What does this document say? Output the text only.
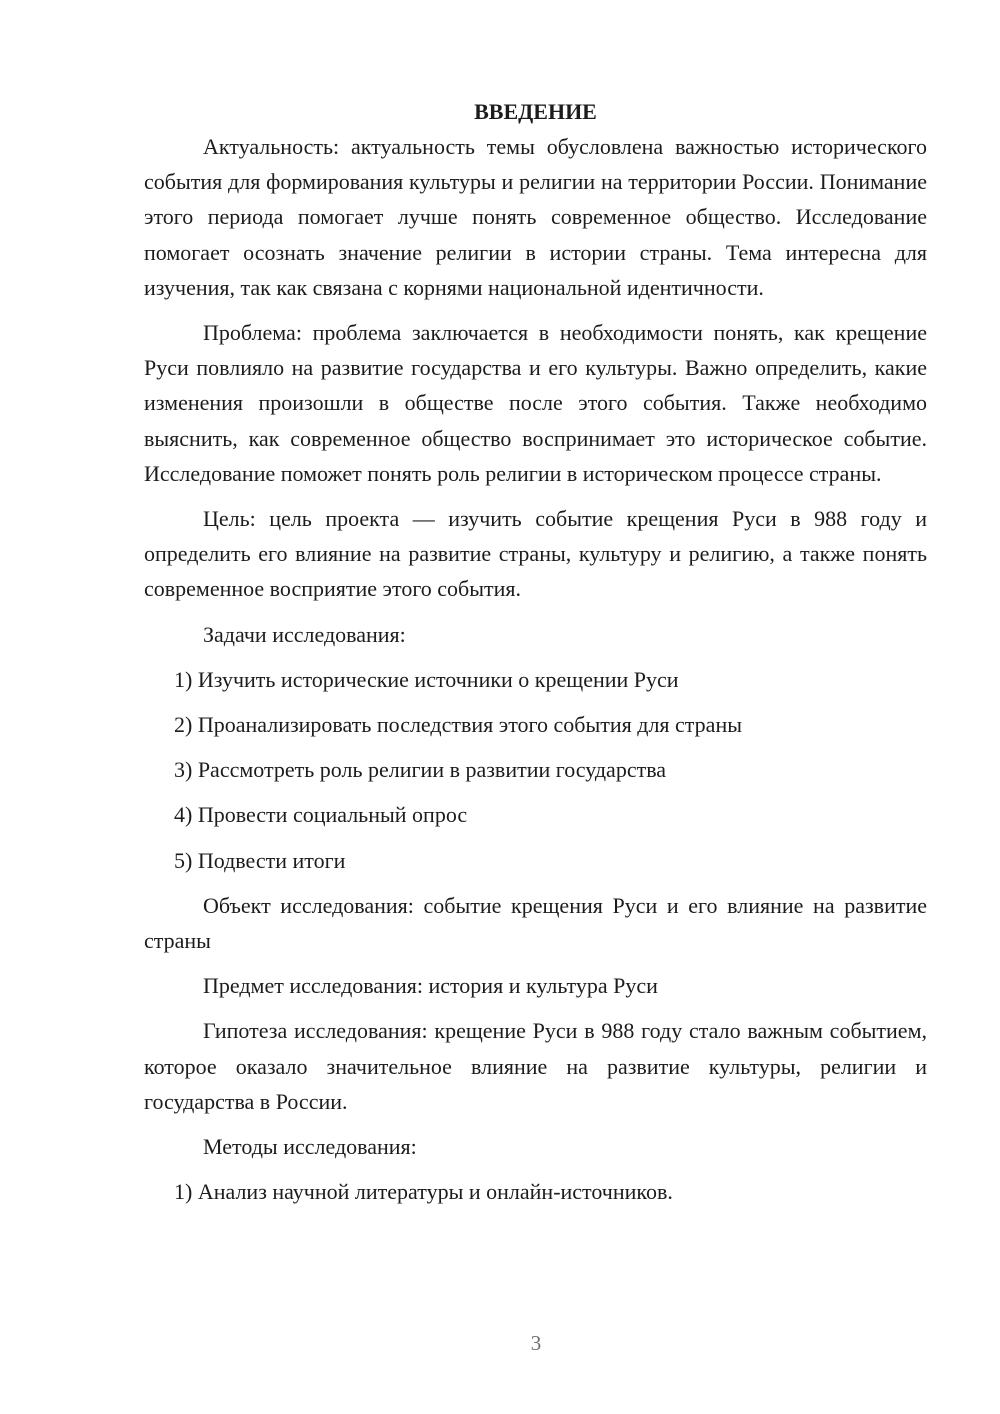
ВВЕДЕНИЕ

Актуальность: актуальность темы обусловлена важностью исторического события для формирования культуры и религии на территории России. Понимание этого периода помогает лучше понять современное общество. Исследование помогает осознать значение религии в истории страны. Тема интересна для изучения, так как связана с корнями национальной идентичности.

Проблема: проблема заключается в необходимости понять, как крещение Руси повлияло на развитие государства и его культуры. Важно определить, какие изменения произошли в обществе после этого события. Также необходимо выяснить, как современное общество воспринимает это историческое событие. Исследование поможет понять роль религии в историческом процессе страны.

Цель: цель проекта — изучить событие крещения Руси в 988 году и определить его влияние на развитие страны, культуру и религию, а также понять современное восприятие этого события.

Задачи исследования:

1) Изучить исторические источники о крещении Руси

2) Проанализировать последствия этого события для страны

3) Рассмотреть роль религии в развитии государства

4) Провести социальный опрос

5) Подвести итоги

Объект исследования: событие крещения Руси и его влияние на развитие страны

Предмет исследования: история и культура Руси

Гипотеза исследования: крещение Руси в 988 году стало важным событием, которое оказало значительное влияние на развитие культуры, религии и государства в России.

Методы исследования:

1) Анализ научной литературы и онлайн-источников.

3
